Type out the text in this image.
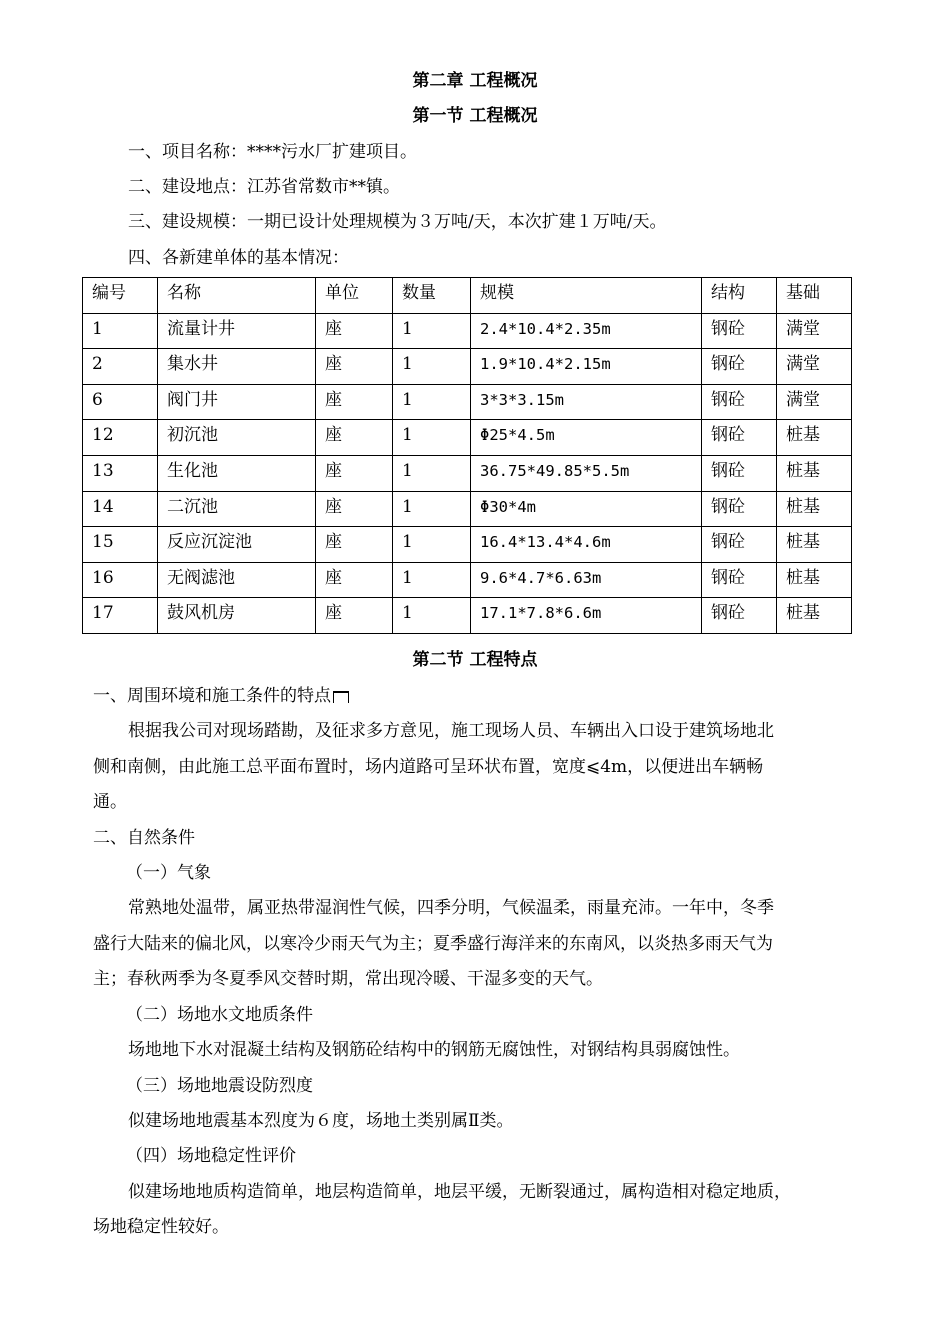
第二章 工程概况
第一节 工程概况
一、项目名称：****污水厂扩建项目。
二、建设地点：江苏省常数市**镇。
三、建设规模：一期已设计处理规模为３万吨/天，本次扩建１万吨/天。
四、各新建单体的基本情况：
编号	名称	单位	数量	规模	结构	基础
1	流量计井	座	1	2.4*10.4*2.35m	钢砼	满堂
2	集水井	座	1	1.9*10.4*2.15m	钢砼	满堂
6	阀门井	座	1	3*3*3.15m	钢砼	满堂
12	初沉池	座	1	Φ25*4.5m	钢砼	桩基
13	生化池	座	1	36.75*49.85*5.5m	钢砼	桩基
14	二沉池	座	1	Φ30*4m	钢砼	桩基
15	反应沉淀池	座	1	16.4*13.4*4.6m	钢砼	桩基
16	无阀滤池	座	1	9.6*4.7*6.63m	钢砼	桩基
17	鼓风机房	座	1	17.1*7.8*6.6m	钢砼	桩基
第二节 工程特点
一、周围环境和施工条件的特点
根据我公司对现场踏勘，及征求多方意见，施工现场人员、车辆出入口设于建筑场地北
侧和南侧，由此施工总平面布置时，场内道路可呈环状布置，宽度⩽4m，以便进出车辆畅
通。
二、自然条件
（一）气象
常熟地处温带，属亚热带湿润性气候，四季分明，气候温柔，雨量充沛。一年中，冬季
盛行大陆来的偏北风，以寒冷少雨天气为主；夏季盛行海洋来的东南风，以炎热多雨天气为
主；春秋两季为冬夏季风交替时期，常出现冷暖、干湿多变的天气。
（二）场地水文地质条件
场地地下水对混凝土结构及钢筋砼结构中的钢筋无腐蚀性，对钢结构具弱腐蚀性。
（三）场地地震设防烈度
似建场地地震基本烈度为６度，场地土类别属Ⅱ类。
（四）场地稳定性评价
似建场地地质构造简单，地层构造简单，地层平缓，无断裂通过，属构造相对稳定地质，
场地稳定性较好。
